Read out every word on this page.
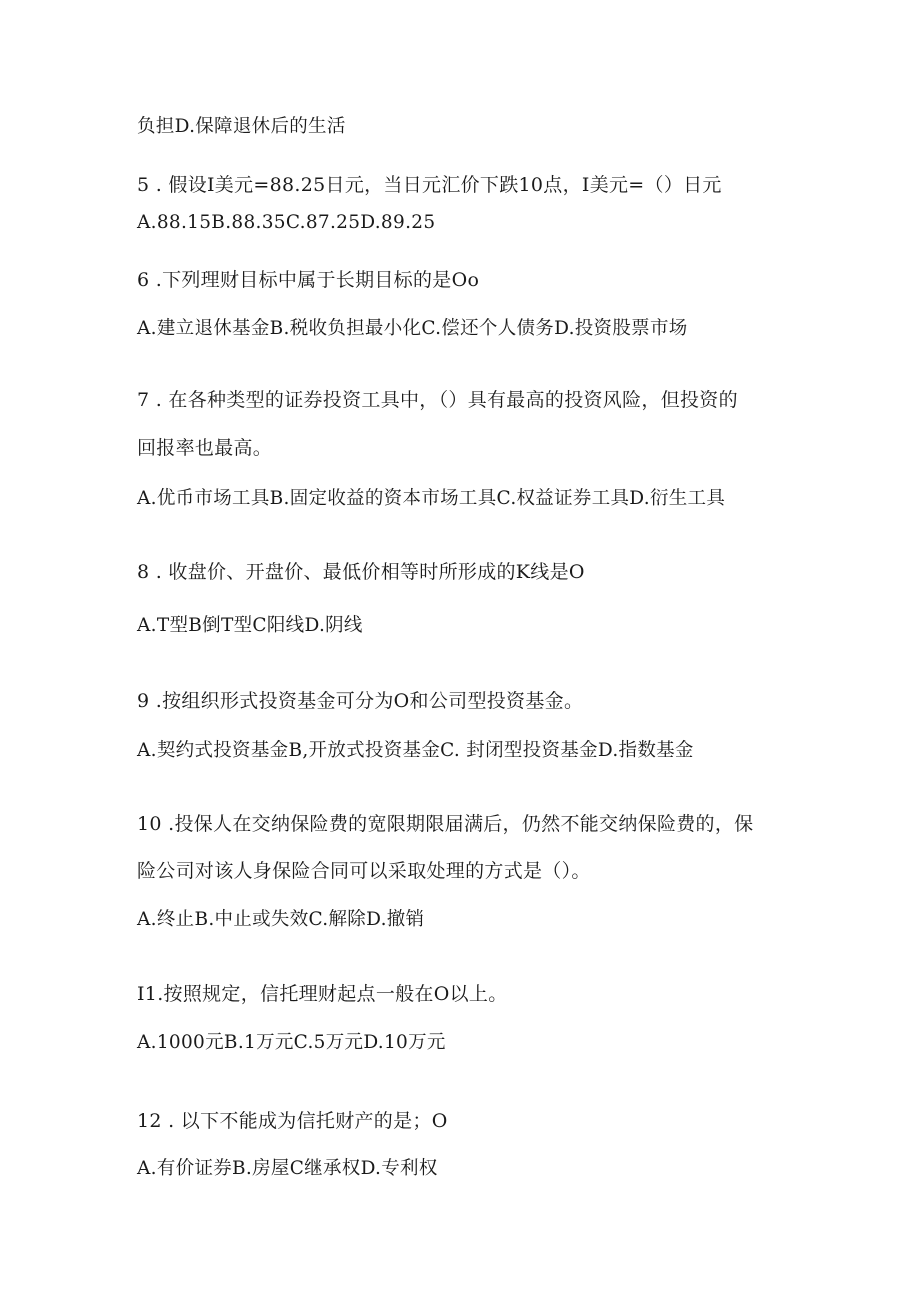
负担D.保障退休后的生活
5 . 假设I美元=88.25日元，当日元汇价下跌10点，I美元=（）日元
A.88.15B.88.35C.87.25D.89.25
6 .下列理财目标中属于长期目标的是Oo
A.建立退休基金B.税收负担最小化C.偿还个人债务D.投资股票市场
7 . 在各种类型的证券投资工具中，（）具有最高的投资风险，但投资的
回报率也最高。
A.优币市场工具B.固定收益的资本市场工具C.权益证券工具D.衍生工具
8 . 收盘价、开盘价、最低价相等时所形成的K线是O
A.T型B倒T型C阳线D.阴线
9 .按组织形式投资基金可分为O和公司型投资基金。
A.契约式投资基金B,开放式投资基金C. 封闭型投资基金D.指数基金
10 .投保人在交纳保险费的宽限期限届满后，仍然不能交纳保险费的，保
险公司对该人身保险合同可以采取处理的方式是（）。
A.终止B.中止或失效C.解除D.撤销
I1.按照规定，信托理财起点一般在O以上。
A.1000元B.1万元C.5万元D.10万元
12 . 以下不能成为信托财产的是；O
A.有价证券B.房屋C继承权D.专利权
